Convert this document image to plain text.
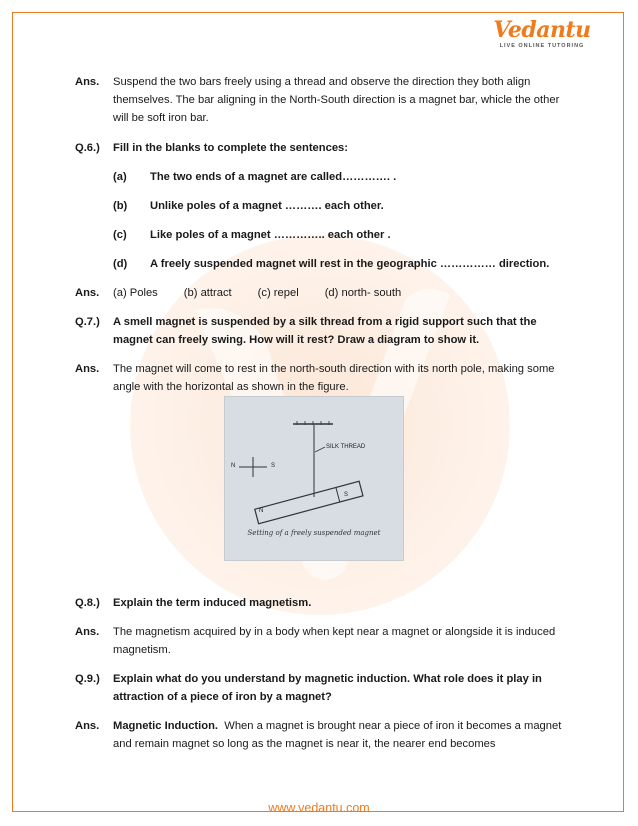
Vedantu
LIVE ONLINE TUTORING
Ans.	Suspend the two bars freely using a thread and observe the direction they both align themselves. The bar aligning in the North-South direction is a magnet bar, whicle the other will be soft iron bar.
Q.6.)	Fill in the blanks to complete the sentences:
(a)	The two ends of a magnet are called…………. .
(b)	Unlike poles of a magnet ………. each other.
(c)	Like poles of a magnet ………….. each other .
(d)	A freely suspended magnet will rest in the geographic …………… direction.
Ans.	(a) Poles (b) attract (c) repel (d) north- south
Q.7.)	A smell magnet is suspended by a silk thread from a rigid support such that the magnet can freely swing. How will it rest? Draw a diagram to show it.
Ans.	The magnet will come to rest in the north-south direction with its north pole, making some angle with the horizontal as shown in the figure.
Q.8.)	Explain the term induced magnetism.
Ans.	The magnetism acquired by in a body when kept near a magnet or alongside it is induced magnetism.
Q.9.)	Explain what do you understand by magnetic induction. What role does it play in attraction of a piece of iron by a magnet?
Ans.	Magnetic Induction. When a magnet is brought near a piece of iron it becomes a magnet and remain magnet so long as the magnet is near it, the nearer end becomes
SILK THREAD
N	S
N
S
Setting of a freely suspended magnet
www.vedantu.com
